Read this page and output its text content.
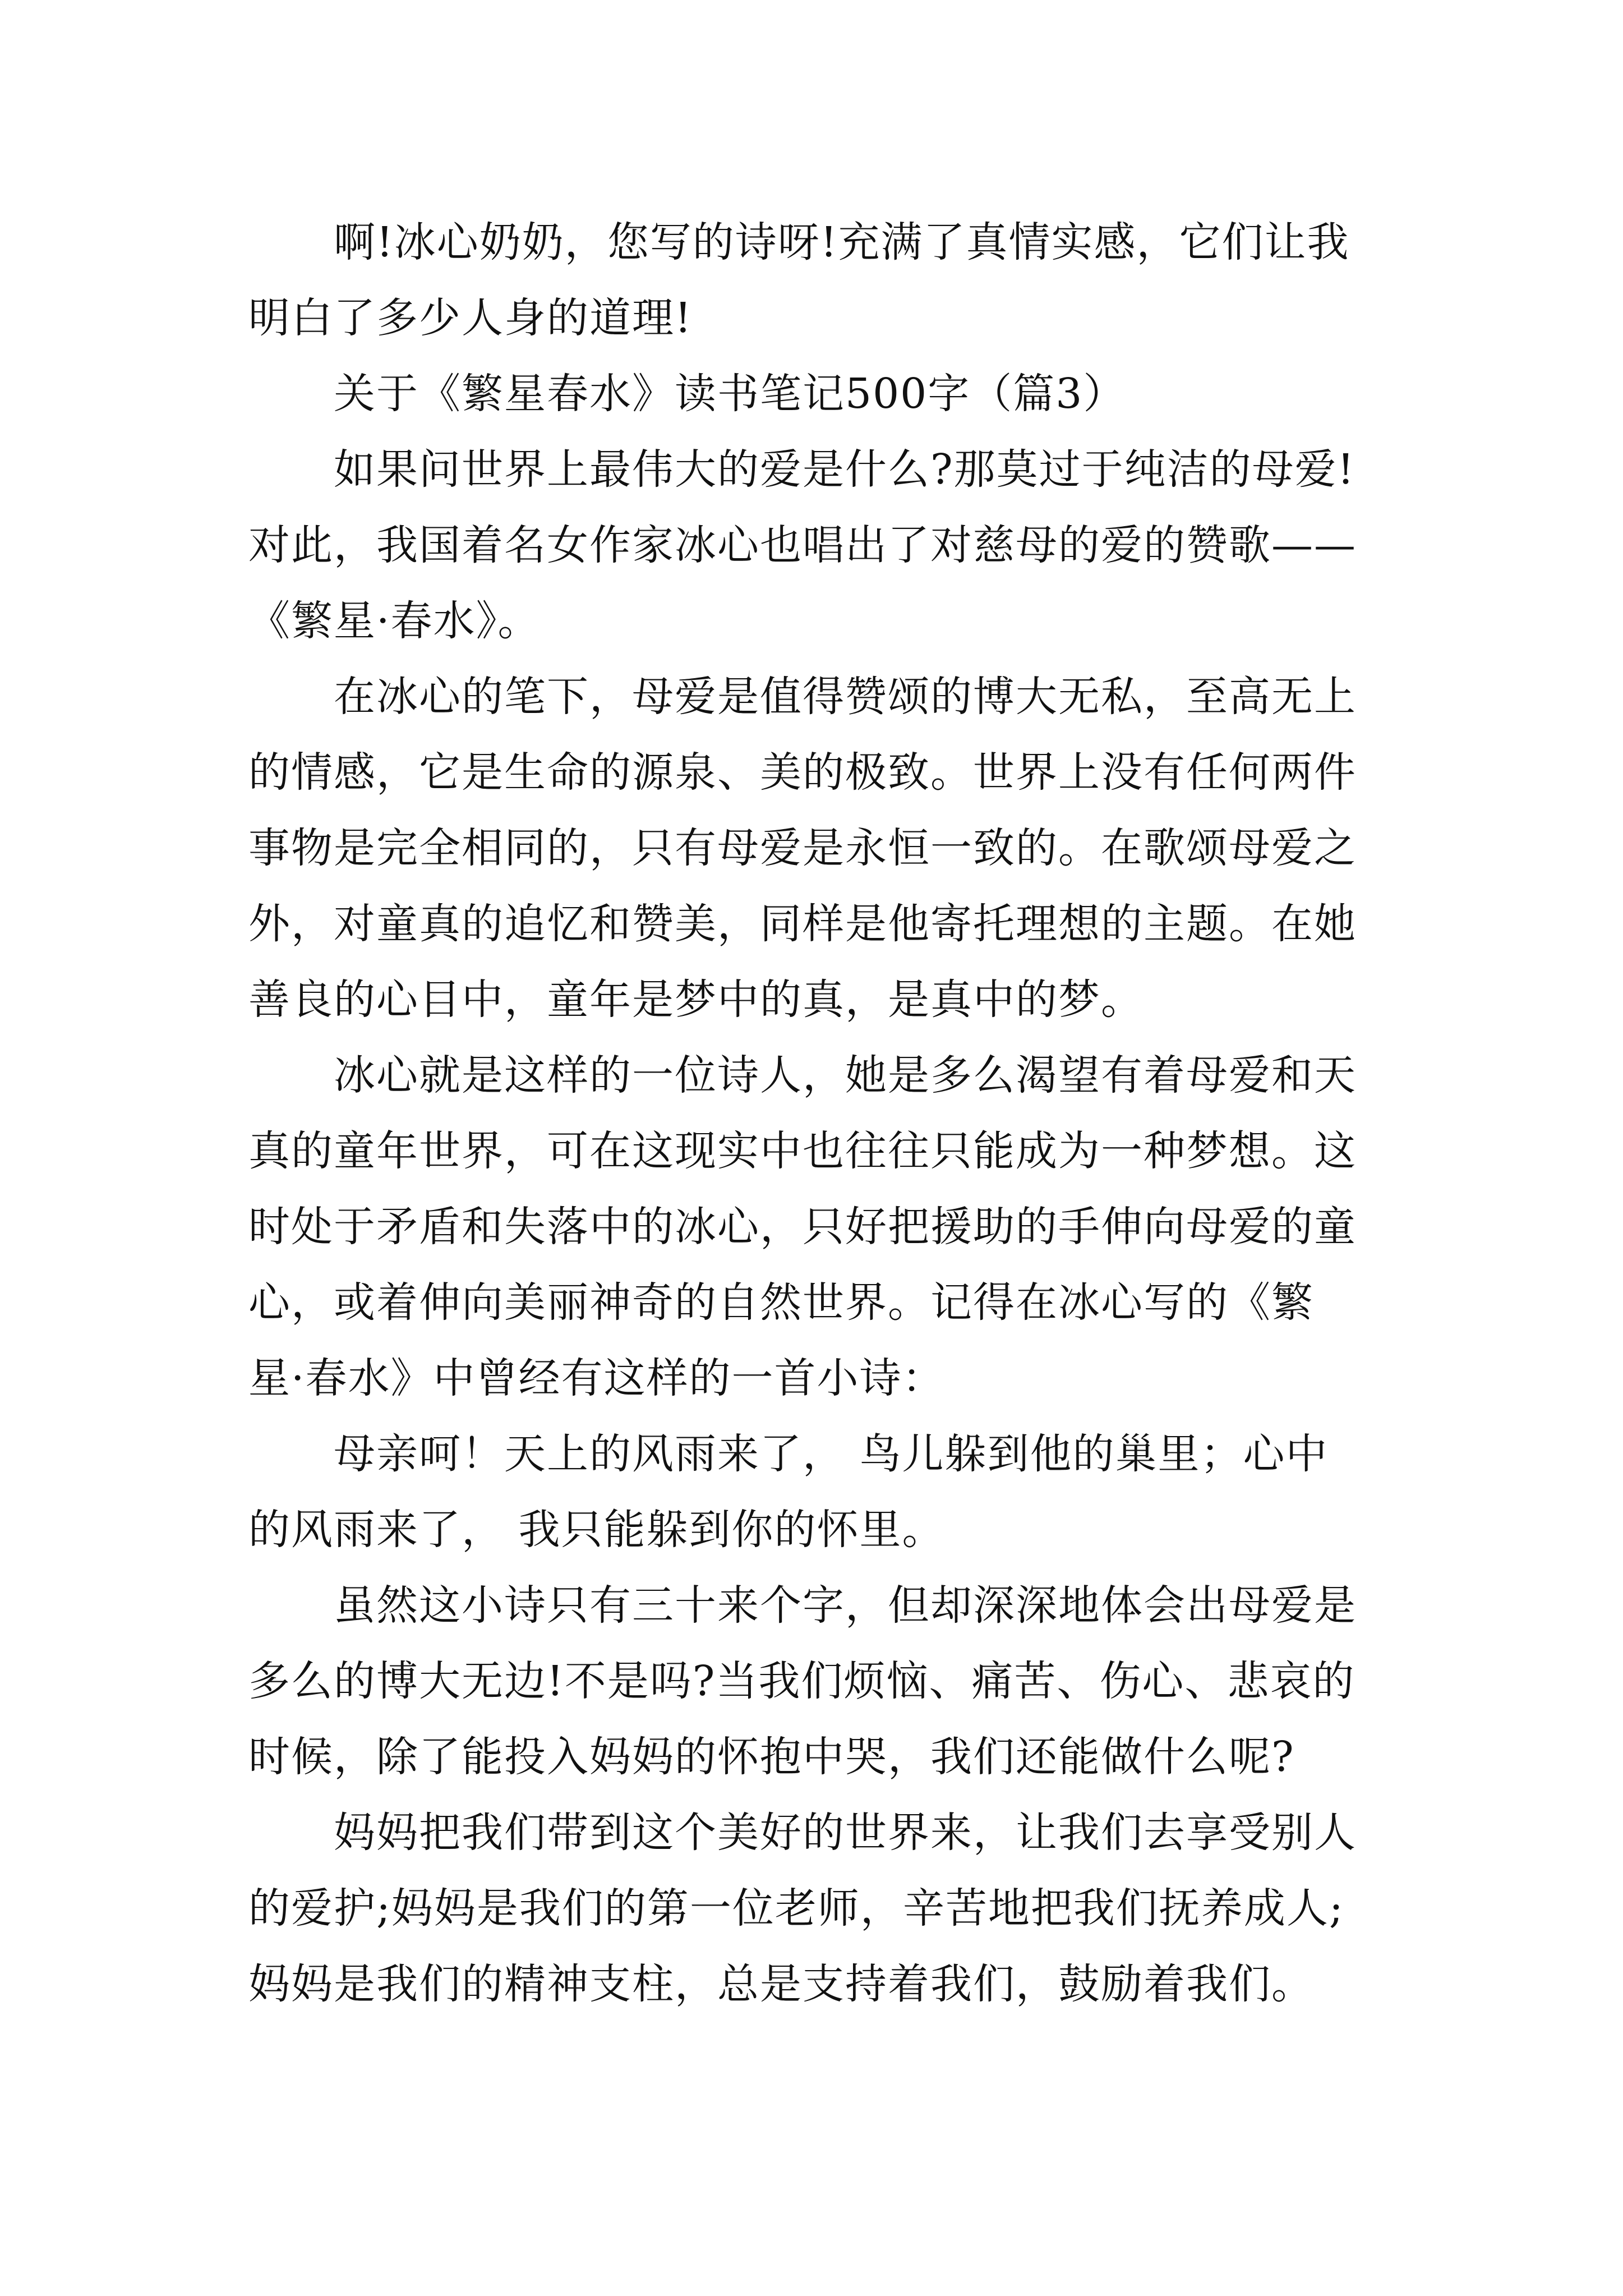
　　啊!冰心奶奶，您写的诗呀!充满了真情实感，它们让我
明白了多少人身的道理!
　　关于《繁星春水》读书笔记500字（篇3）
　　如果问世界上最伟大的爱是什么?那莫过于纯洁的母爱!
对此，我国着名女作家冰心也唱出了对慈母的爱的赞歌——
《繁星·春水》。
　　在冰心的笔下，母爱是值得赞颂的博大无私，至高无上
的情感，它是生命的源泉、美的极致。世界上没有任何两件
事物是完全相同的，只有母爱是永恒一致的。在歌颂母爱之
外，对童真的追忆和赞美，同样是他寄托理想的主题。在她
善良的心目中，童年是梦中的真，是真中的梦。
　　冰心就是这样的一位诗人，她是多么渴望有着母爱和天
真的童年世界，可在这现实中也往往只能成为一种梦想。这
时处于矛盾和失落中的冰心，只好把援助的手伸向母爱的童
心，或着伸向美丽神奇的自然世界。记得在冰心写的《繁
星·春水》中曾经有这样的一首小诗：
　　母亲呵！天上的风雨来了， 鸟儿躲到他的巢里；心中
的风雨来了， 我只能躲到你的怀里。
　　虽然这小诗只有三十来个字，但却深深地体会出母爱是
多么的博大无边!不是吗?当我们烦恼、痛苦、伤心、悲哀的
时候，除了能投入妈妈的怀抱中哭，我们还能做什么呢?
　　妈妈把我们带到这个美好的世界来，让我们去享受别人
的爱护;妈妈是我们的第一位老师，辛苦地把我们抚养成人;
妈妈是我们的精神支柱，总是支持着我们，鼓励着我们。
